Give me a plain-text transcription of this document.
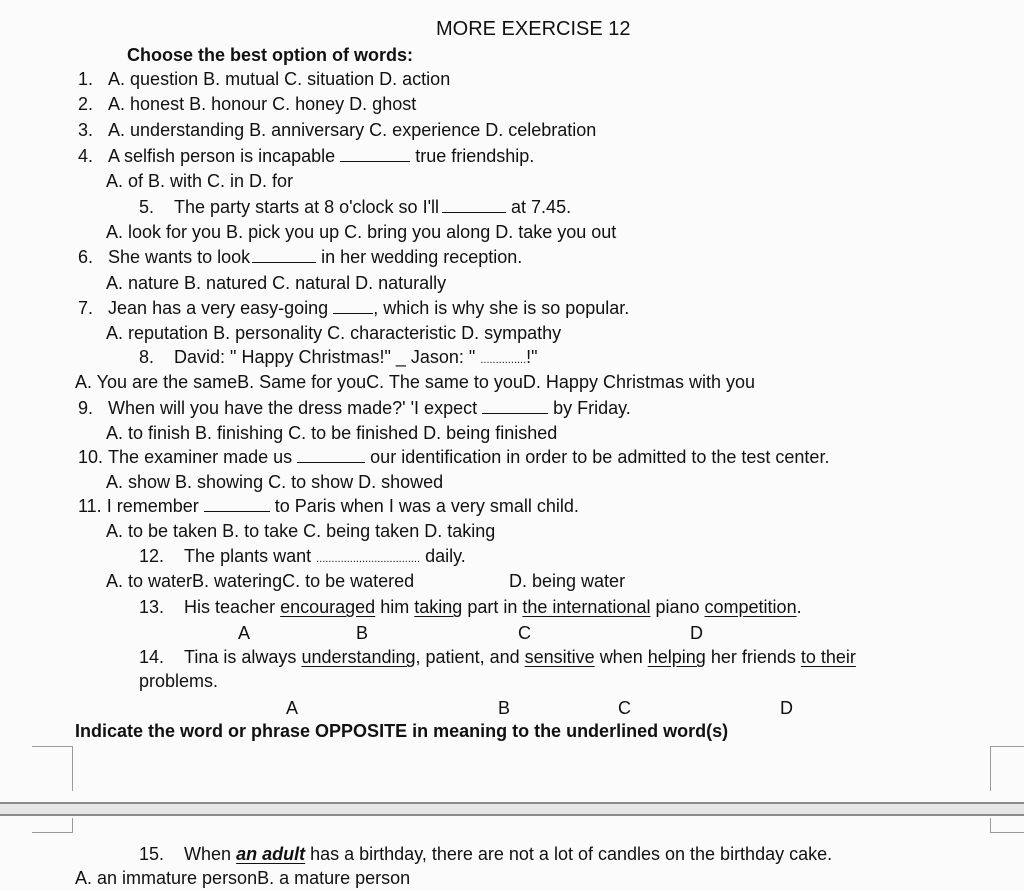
MORE EXERCISE 12
Choose the best option of words:
1. A. question B. mutual C. situation D. action
2. A. honest B. honour C. honey D. ghost
3. A. understanding B. anniversary C. experience D. celebration
4. A selfish person is incapable	true friendship.
A. of B. with C. in D. for
5. The party starts at 8 o'clock so I'll	at 7.45.
A. look for you B. pick you up C. bring you along D. take you out
6. She wants to look	in her wedding reception.
A. nature B. natured C. natural D. naturally
7. Jean has a very easy-going	, which is why she is so popular.
A. reputation B. personality C. characteristic D. sympathy
8. David: " Happy Christmas!" _ Jason: " ...............!"
A. You are the sameB. Same for youC. The same to youD. Happy Christmas with you
9. When will you have the dress made?' 'I expect	by Friday.
A. to finish B. finishing C. to be finished D. being finished
10. The examiner made us	our identification in order to be admitted to the test center.
A. show B. showing C. to show D. showed
11. I remember	to Paris when I was a very small child.
A. to be taken B. to take C. being taken D. taking
12. The plants want .................................. daily.
A. to waterB. wateringC. to be watered	D. being water
13. His teacher encouraged him taking part in the international piano competition.
A	B	C	D
14. Tina is always understanding, patient, and sensitive when helping her friends to their
problems.
A	B	C	D
Indicate the word or phrase OPPOSITE in meaning to the underlined word(s)
15. When an adult has a birthday, there are not a lot of candles on the birthday cake.
A. an immature personB. a mature person
